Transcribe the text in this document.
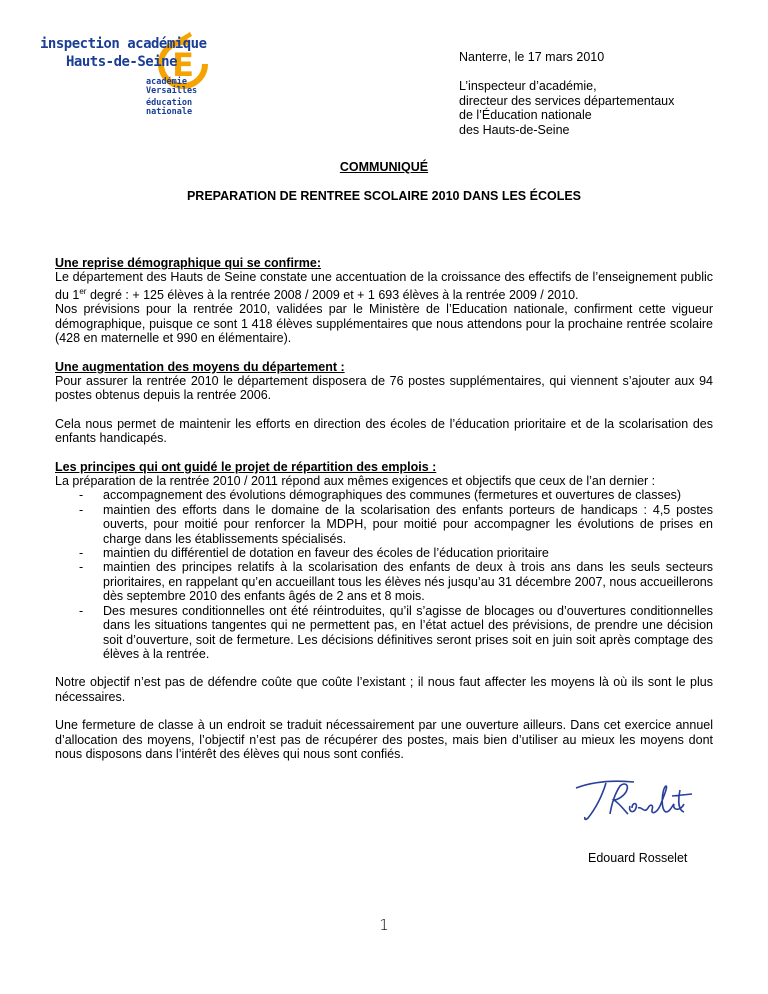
E
inspection académique
Hauts-de-Seine
académie
Versailles
éducation
nationale
Nanterre, le 17 mars 2010
L’inspecteur d’académie,
directeur des services départementaux
de l’Éducation nationale
des Hauts-de-Seine
COMMUNIQUÉ
PREPARATION DE RENTREE SCOLAIRE 2010 DANS LES ÉCOLES

Une reprise démographique qui se confirme:

Le département des Hauts de Seine constate une accentuation de la croissance des effectifs de l’enseignement public du 1er degré : + 125 élèves à la rentrée 2008 / 2009 et + 1 693 élèves à la rentrée 2009 / 2010.

Nos prévisions pour la rentrée 2010, validées par le Ministère de l’Education nationale, confirment cette vigueur démographique, puisque ce sont 1 418 élèves supplémentaires que nous attendons pour la prochaine rentrée scolaire (428 en maternelle et 990 en élémentaire).

Une augmentation des moyens du département :

Pour assurer la rentrée 2010 le département disposera de 76 postes supplémentaires, qui viennent s’ajouter aux 94 postes obtenus depuis la rentrée 2006.

Cela nous permet de maintenir les efforts en direction des écoles de l’éducation prioritaire et de la scolarisation des enfants handicapés.

Les principes qui ont guidé le projet de répartition des emplois :

La préparation de la rentrée 2010 / 2011 répond aux mêmes exigences et objectifs que ceux de l’an dernier :

- accompagnement des évolutions démographiques des communes (fermetures et ouvertures de classes)
- maintien des efforts dans le domaine de la scolarisation des enfants porteurs de handicaps : 4,5 postes ouverts, pour moitié pour renforcer la MDPH, pour moitié pour accompagner les évolutions de prises en charge dans les établissements spécialisés.
- maintien du différentiel de dotation en faveur des écoles de l’éducation prioritaire
- maintien des principes relatifs à la scolarisation des enfants de deux à trois ans dans les seuls secteurs prioritaires, en rappelant qu’en accueillant tous les élèves nés jusqu’au 31 décembre 2007, nous accueillerons dès septembre 2010 des enfants âgés de 2 ans et 8 mois.
- Des mesures conditionnelles ont été réintroduites, qu’il s’agisse de blocages ou d’ouvertures conditionnelles dans les situations tangentes qui ne permettent pas, en l’état actuel des prévisions, de prendre une décision soit d’ouverture, soit de fermeture. Les décisions définitives seront prises soit en juin soit après comptage des élèves à la rentrée.

Notre objectif n’est pas de défendre coûte que coûte l’existant ; il nous faut affecter les moyens là où ils sont le plus nécessaires.

Une fermeture de classe à un endroit se traduit nécessairement par une ouverture ailleurs. Dans cet exercice annuel d’allocation des moyens, l’objectif n’est pas de récupérer des postes, mais bien d’utiliser au mieux les moyens dont nous disposons dans l’intérêt des élèves qui nous sont confiés.

Edouard Rosselet
1
